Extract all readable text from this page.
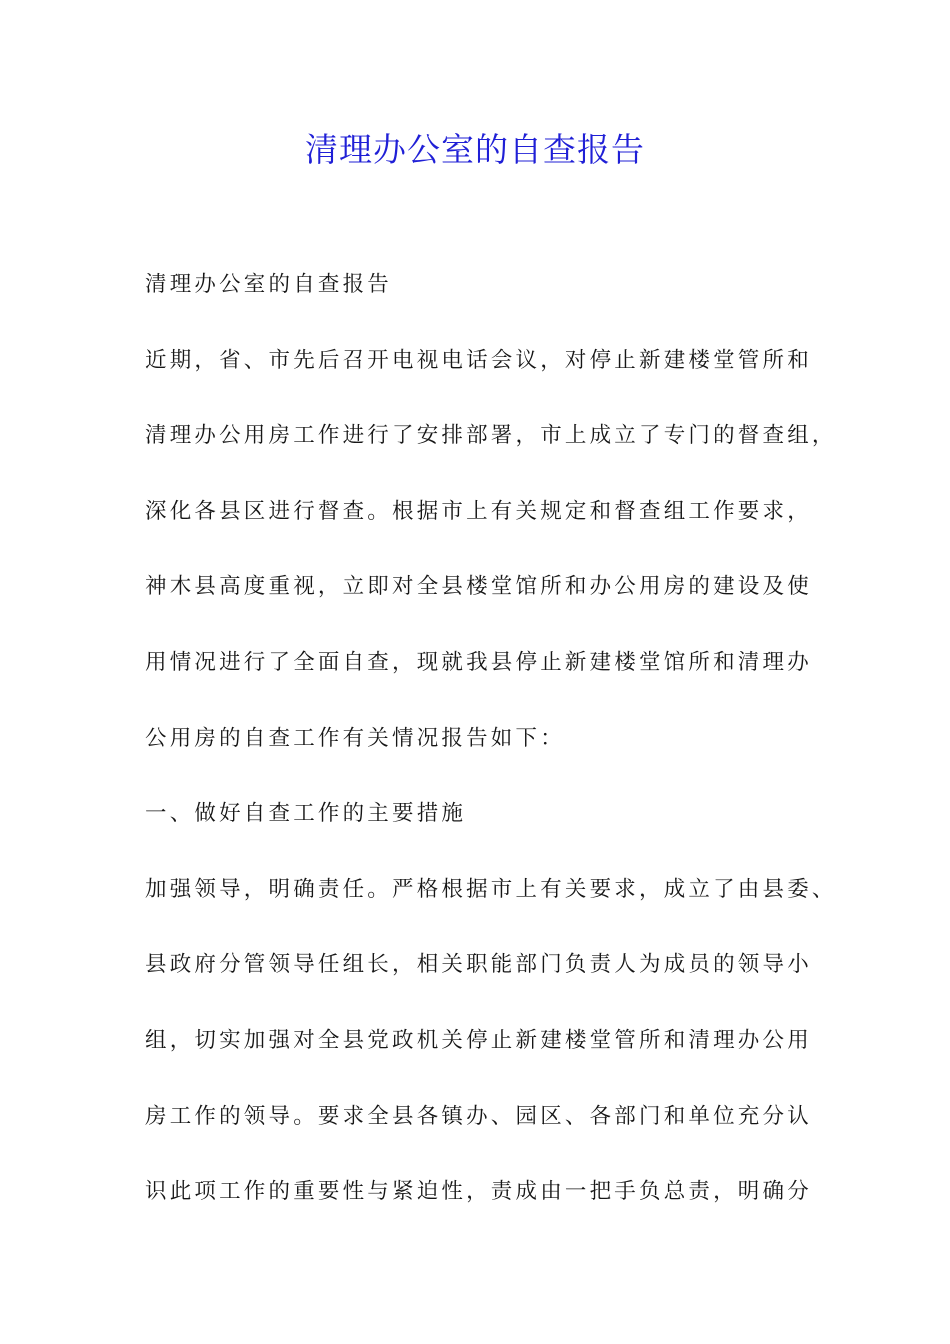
清理办公室的自查报告
清理办公室的自查报告
近期，省、市先后召开电视电话会议，对停止新建楼堂管所和
清理办公用房工作进行了安排部署，市上成立了专门的督查组，
深化各县区进行督查。根据市上有关规定和督查组工作要求，
神木县高度重视，立即对全县楼堂馆所和办公用房的建设及使
用情况进行了全面自查，现就我县停止新建楼堂馆所和清理办
公用房的自查工作有关情况报告如下：
一、做好自查工作的主要措施
加强领导，明确责任。严格根据市上有关要求，成立了由县委、
县政府分管领导任组长，相关职能部门负责人为成员的领导小
组，切实加强对全县党政机关停止新建楼堂管所和清理办公用
房工作的领导。要求全县各镇办、园区、各部门和单位充分认
识此项工作的重要性与紧迫性，责成由一把手负总责，明确分
